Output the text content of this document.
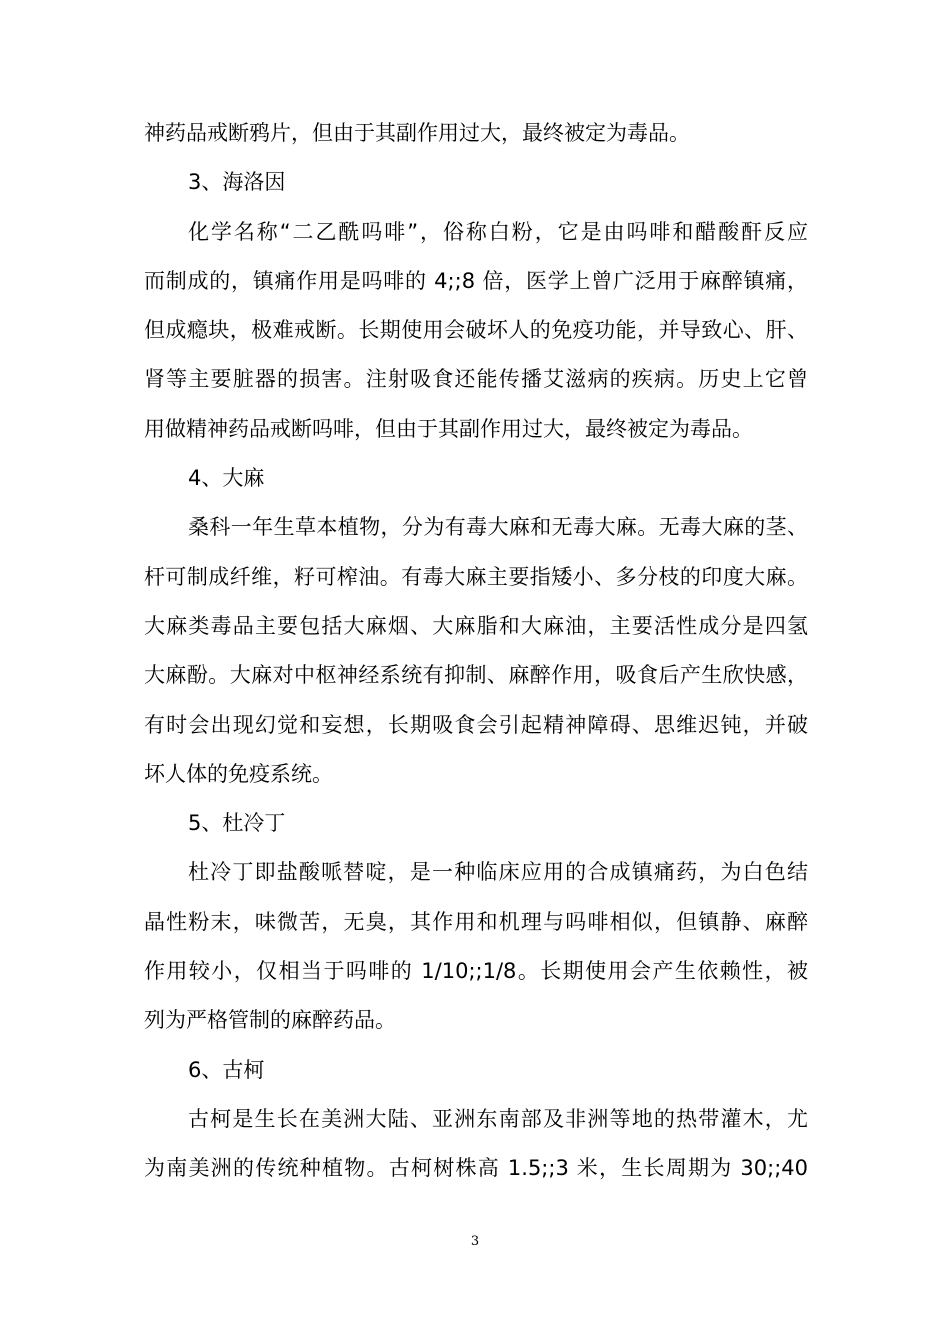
神药品戒断鸦片，但由于其副作用过大，最终被定为毒品。
3、海洛因
化学名称“二乙酰吗啡”，俗称白粉，它是由吗啡和醋酸酐反应
而制成的，镇痛作用是吗啡的 4;;8 倍，医学上曾广泛用于麻醉镇痛，
但成瘾块，极难戒断。长期使用会破坏人的免疫功能，并导致心、肝、
肾等主要脏器的损害。注射吸食还能传播艾滋病的疾病。历史上它曾
用做精神药品戒断吗啡，但由于其副作用过大，最终被定为毒品。
4、大麻
桑科一年生草本植物，分为有毒大麻和无毒大麻。无毒大麻的茎、
杆可制成纤维，籽可榨油。有毒大麻主要指矮小、多分枝的印度大麻。
大麻类毒品主要包括大麻烟、大麻脂和大麻油，主要活性成分是四氢
大麻酚。大麻对中枢神经系统有抑制、麻醉作用，吸食后产生欣快感，
有时会出现幻觉和妄想，长期吸食会引起精神障碍、思维迟钝，并破
坏人体的免疫系统。
5、杜冷丁
杜冷丁即盐酸哌替啶，是一种临床应用的合成镇痛药，为白色结
晶性粉末，味微苦，无臭，其作用和机理与吗啡相似，但镇静、麻醉
作用较小，仅相当于吗啡的 1/10;;1/8。长期使用会产生依赖性，被
列为严格管制的麻醉药品。
6、古柯
古柯是生长在美洲大陆、亚洲东南部及非洲等地的热带灌木，尤
为南美洲的传统种植物。古柯树株高 1.5;;3 米，生长周期为 30;;40
3
